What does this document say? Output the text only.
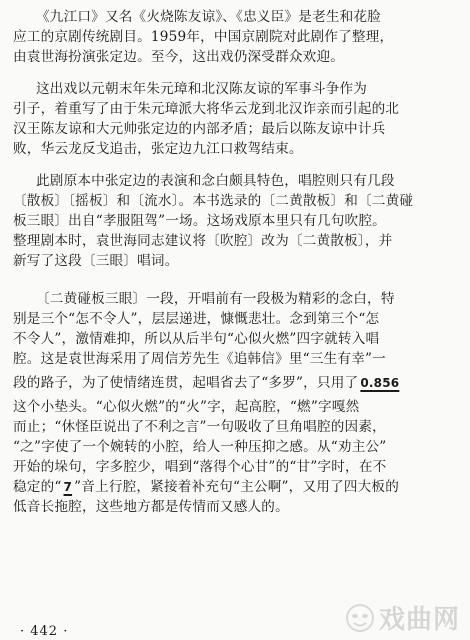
《九江口》又名《火烧陈友谅》、《忠义臣》是老生和花脸
应工的京剧传统剧目。1959年，中国京剧院对此剧作了整理，
由袁世海扮演张定边。至今，这出戏仍深受群众欢迎。
这出戏以元朝末年朱元璋和北汉陈友谅的军事斗争作为
引子，着重写了由于朱元璋派大将华云龙到北汉诈亲而引起的北
汉王陈友谅和大元帅张定边的内部矛盾；最后以陈友谅中计兵
败，华云龙反戈追击，张定边九江口救驾结束。
此剧原本中张定边的表演和念白颇具特色，唱腔则只有几段
〔散板〕〔摇板〕和〔流水〕。本书选录的〔二黄散板〕和〔二黄碰
板三眼〕出自“孝服阻驾”一场。这场戏原本里只有几句吹腔。
整理剧本时，袁世海同志建议将〔吹腔〕改为〔二黄散板〕，并
新写了这段〔三眼〕唱词。
〔二黄碰板三眼〕一段，开唱前有一段极为精彩的念白，特
别是三个“怎不令人”，层层递进，慷慨悲壮。念到第三个“怎
不令人”，激情难抑，所以从后半句“心似火燃”四字就转入唱
腔。这是袁世海采用了周信芳先生《追韩信》里“三生有幸”一
段的路子，为了使情绪连贯，起唱省去了“多罗”，只用了 0.856
这个小垫头。“心似火燃”的“火”字，起高腔，“燃”字嘎然
而止；“休怪臣说出了不利之言”一句吸收了旦角唱腔的因素，
“之”字使了一个婉转的小腔，给人一种压抑之感。从“劝主公”
开始的垛句，字多腔少，唱到“落得个心甘”的“甘”字时，在不
稳定的“ 7 ”音上行腔，紧接着补充句“主公啊”，又用了四大板的
低音长拖腔，这些地方都是传情而又感人的。
· 442 ·	戏曲网
